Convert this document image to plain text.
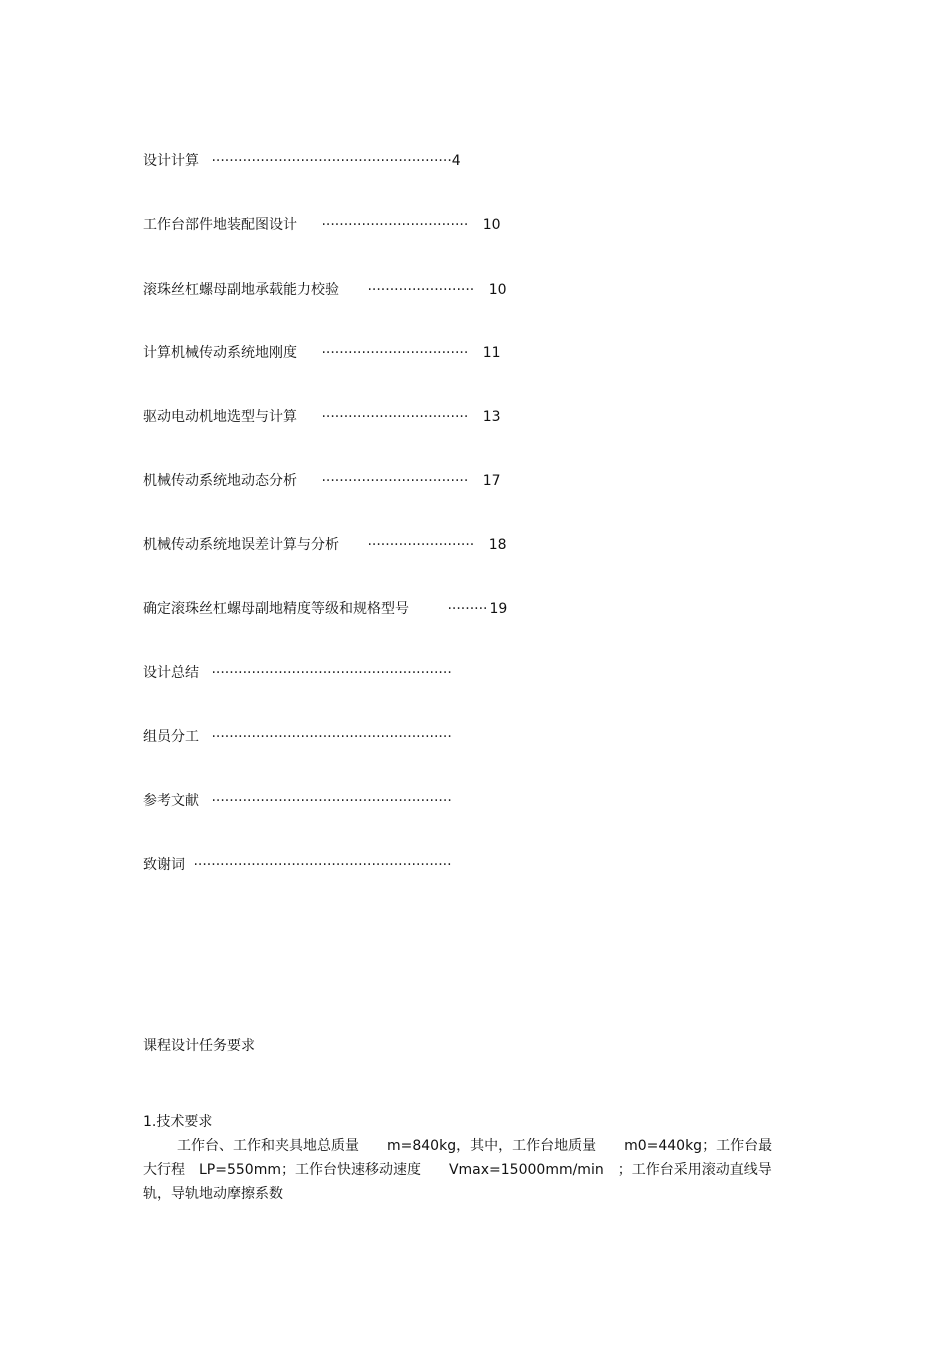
设计计算 ······················································4
工作台部件地装配图设计 ································· 10
滚珠丝杠螺母副地承载能力校验 ························ 10
计算机械传动系统地刚度 ································· 11
驱动电动机地选型与计算 ································· 13
机械传动系统地动态分析 ································· 17
机械传动系统地误差计算与分析 ························ 18
确定滚珠丝杠螺母副地精度等级和规格型号	········· 19
设计总结 ······················································
组员分工 ······················································
参考文献 ······················································
致谢词 ··························································
课程设计任务要求
1.技术要求
工作台、工作和夹具地总质量　　m=840kg，其中，工作台地质量　　m0=440kg；工作台最
大行程　LP=550mm；工作台快速移动速度　　Vmax=15000mm/min　；工作台采用滚动直线导
轨，导轨地动摩擦系数
